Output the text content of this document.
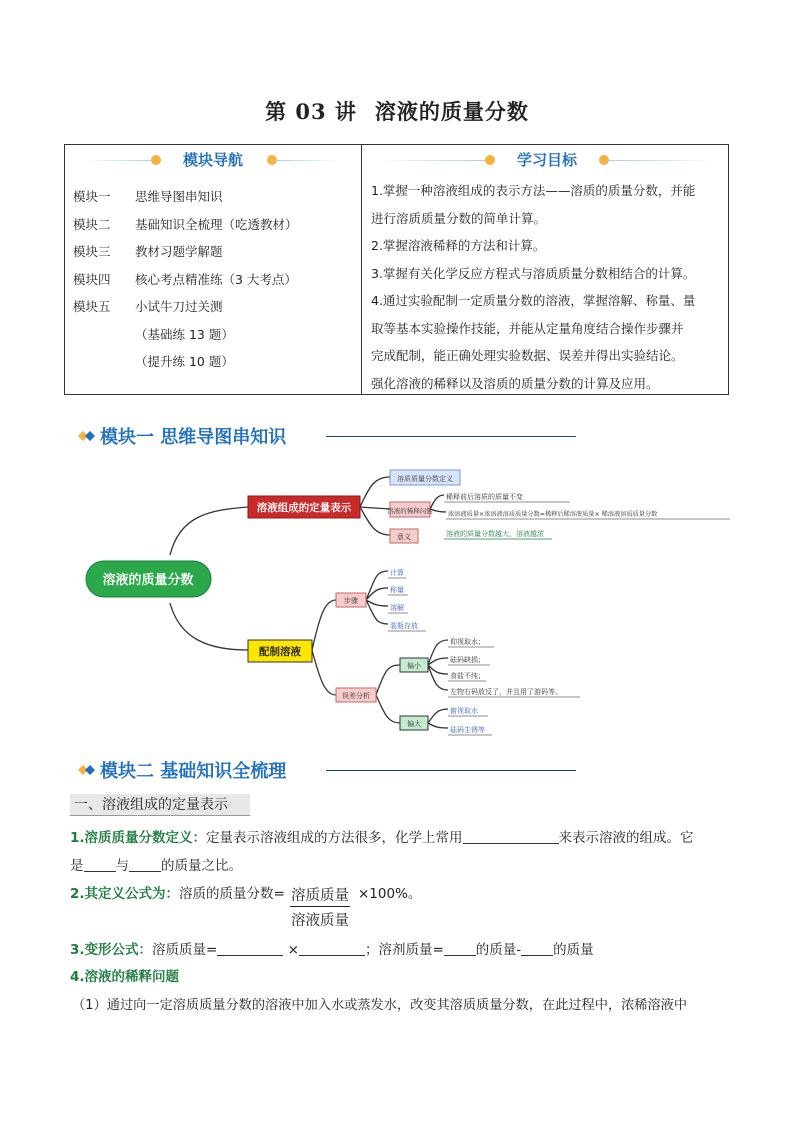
第 03 讲 溶液的质量分数
模块导航	学习目标
模块一 思维导图串知识
模块二 基础知识全梳理（吃透教材）
模块三 教材习题学解题
模块四 核心考点精准练（3 大考点）
模块五 小试牛刀过关测
（基础练 13 题）
（提升练 10 题）
1.掌握一种溶液组成的表示方法——溶质的质量分数，并能
进行溶质质量分数的简单计算。
2.掌握溶液稀释的方法和计算。
3.掌握有关化学反应方程式与溶质质量分数相结合的计算。
4.通过实验配制一定质量分数的溶液，掌握溶解、称量、量
取等基本实验操作技能，并能从定量角度结合操作步骤并
完成配制，能正确处理实验数据、误差并得出实验结论。
强化溶液的稀释以及溶质的质量分数的计算及应用。
模块一 思维导图串知识
溶液的质量分数
溶液组成的定量表示
溶质质量分数定义
溶液的稀释问题
稀释前后溶质的质量不变
浓溶液质量×浓溶液溶质质量分数=稀释后稀溶液质量× 稀溶液溶质质量分数
意义	溶液的质量分数越大，溶液越浓
配制溶液
步骤
计算
称量
溶解
装瓶存放
误差分析
偏小
仰视取水；
砝码缺损；
食盐不纯；
左物右码放反了，并且用了游码等。
偏大
俯视取水
砝码生锈等
模块二 基础知识全梳理
一、溶液组成的定量表示
1.溶质质量分数定义：定量表示溶液组成的方法很多，化学上常用	来表示溶液的组成。它
是 与 的质量之比。
2.其定义公式为：溶质的质量分数= 溶质质量
溶液质量
×100%。
3.变形公式：溶质质量=	×	；溶剂质量= 的质量- 的质量
4.溶液的稀释问题
（1）通过向一定溶质质量分数的溶液中加入水或蒸发水，改变其溶质质量分数，在此过程中，浓稀溶液中
